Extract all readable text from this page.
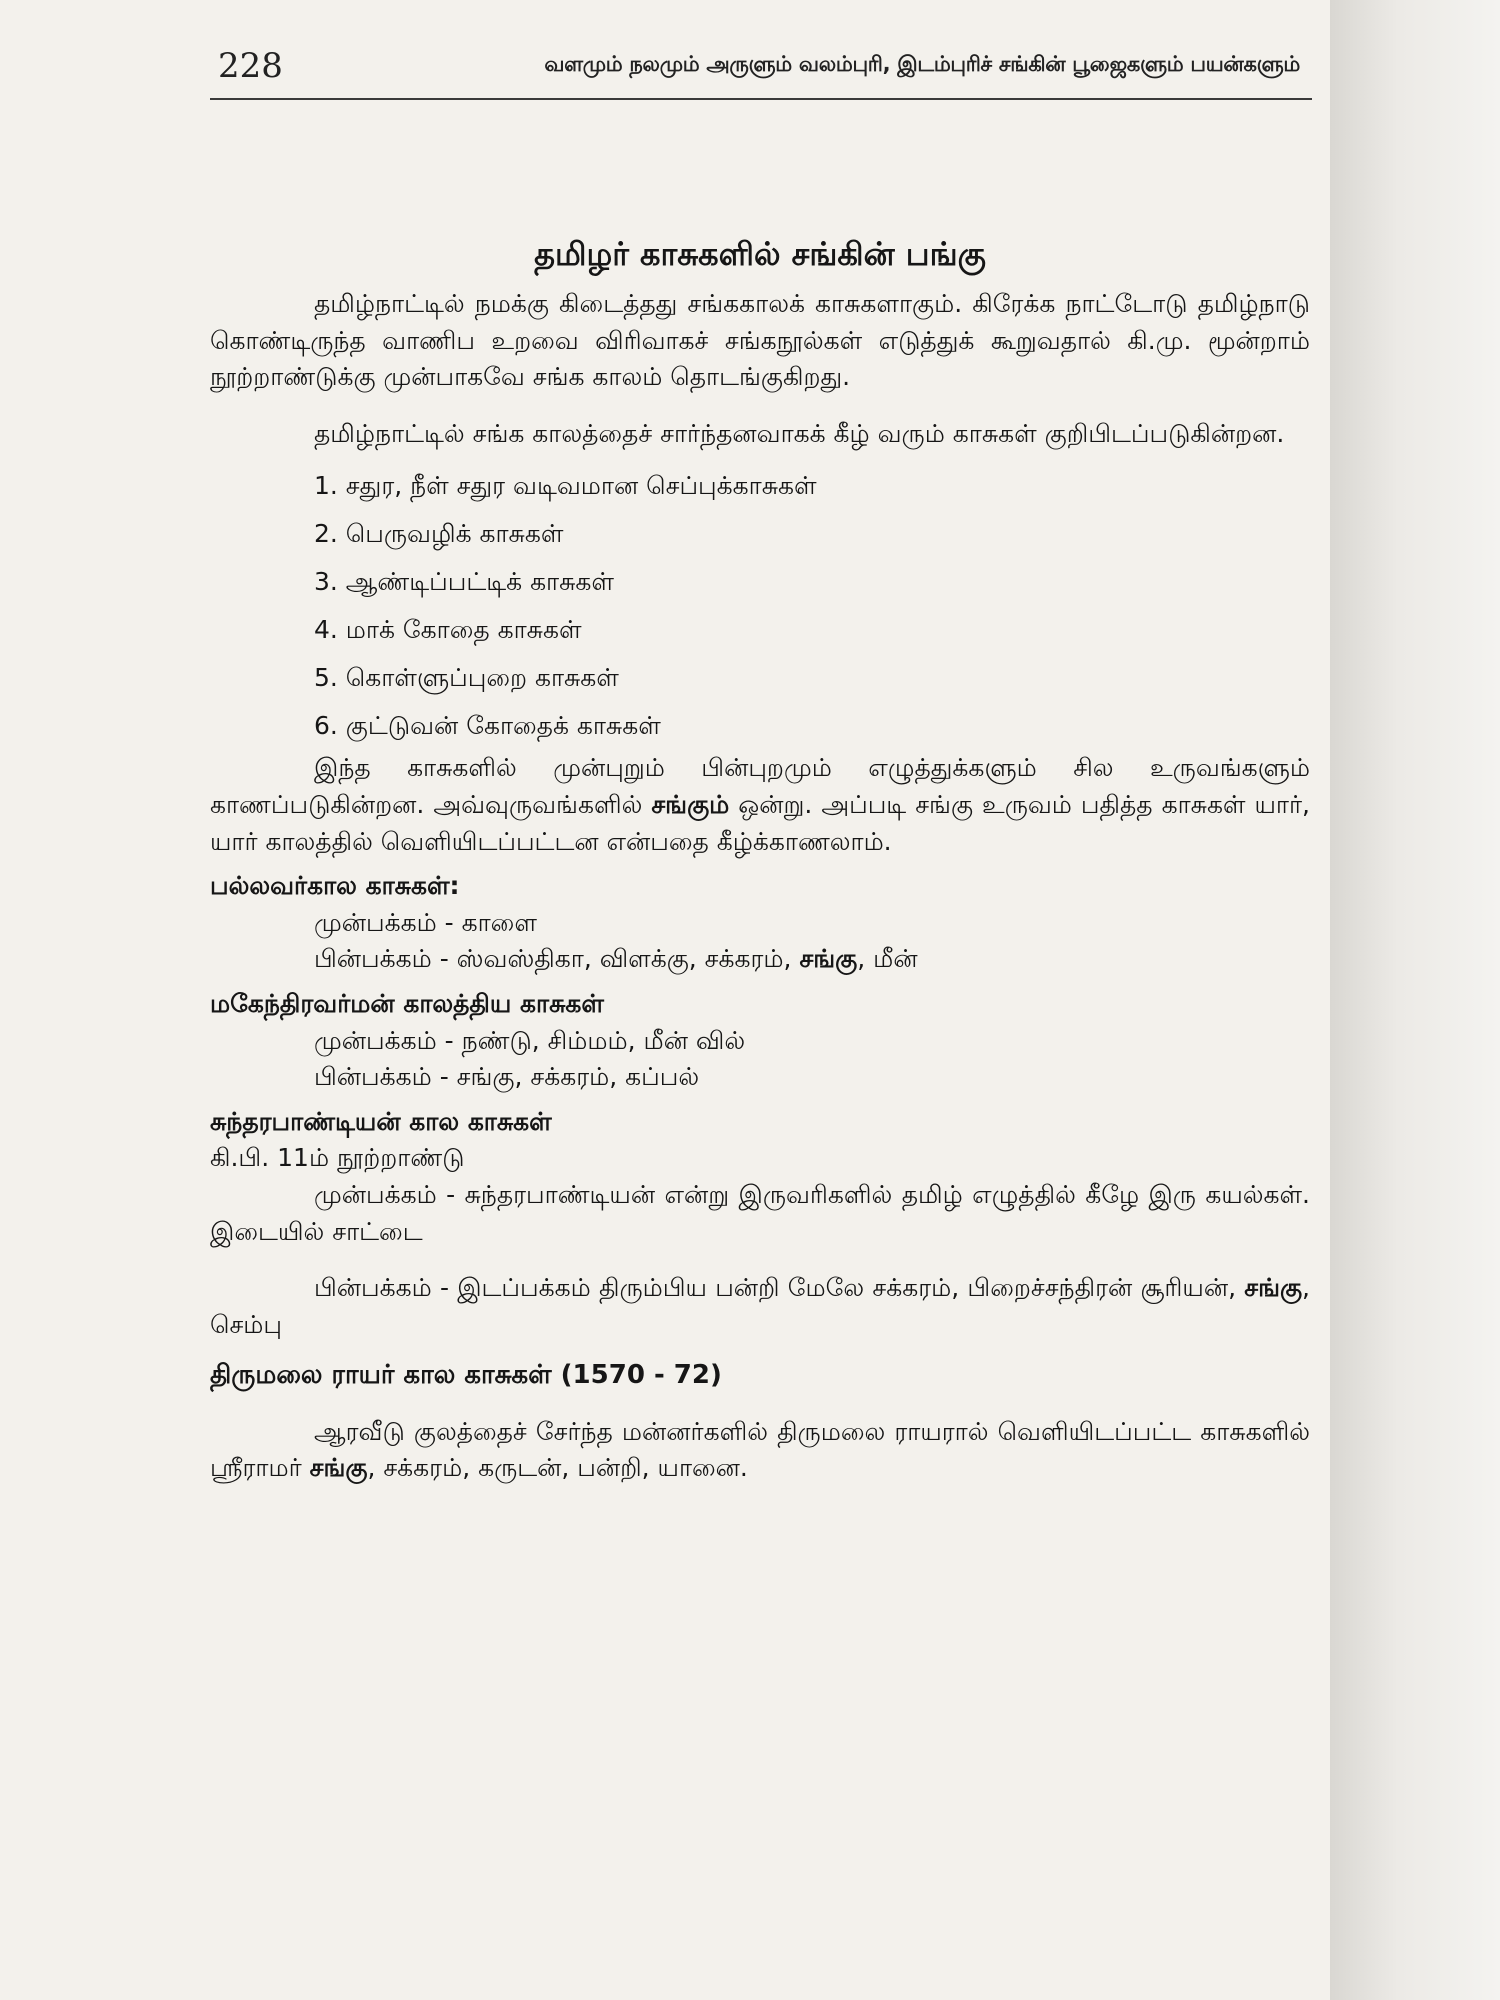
228	வளமும் நலமும் அருளும் வலம்புரி, இடம்புரிச் சங்கின் பூஜைகளும் பயன்களும்
தமிழர் காசுகளில் சங்கின் பங்கு

தமிழ்நாட்டில் நமக்கு கிடைத்தது சங்ககாலக் காசுகளாகும். கிரேக்க நாட்டோடு தமிழ்நாடு கொண்டிருந்த வாணிப உறவை விரிவாகச் சங்கநூல்கள் எடுத்துக் கூறுவதால் கி.மு. மூன்றாம் நூற்றாண்டுக்கு முன்பாகவே சங்க காலம் தொடங்குகிறது.

தமிழ்நாட்டில் சங்க காலத்தைச் சார்ந்தனவாகக் கீழ் வரும் காசுகள் குறிபிடப்படுகின்றன.

1. சதுர, நீள் சதுர வடிவமான செப்புக்காசுகள்
2. பெருவழிக் காசுகள்
3. ஆண்டிப்பட்டிக் காசுகள்
4. மாக் கோதை காசுகள்
5. கொள்ளுப்புறை காசுகள்
6. குட்டுவன் கோதைக் காசுகள்

இந்த காசுகளில் முன்புறும் பின்புறமும் எழுத்துக்களும் சில உருவங்களும் காணப்படுகின்றன. அவ்வுருவங்களில் சங்கும் ஒன்று. அப்படி சங்கு உருவம் பதித்த காசுகள் யார், யார் காலத்தில் வெளியிடப்பட்டன என்பதை கீழ்க்காணலாம்.

பல்லவர்கால காசுகள்:
முன்பக்கம் - காளை
பின்பக்கம் - ஸ்வஸ்திகா, விளக்கு, சக்கரம், சங்கு, மீன்
மகேந்திரவர்மன் காலத்திய காசுகள்
முன்பக்கம் - நண்டு, சிம்மம், மீன் வில்
பின்பக்கம் - சங்கு, சக்கரம், கப்பல்
சுந்தரபாண்டியன் கால காசுகள்
கி.பி. 11ம் நூற்றாண்டு

முன்பக்கம் - சுந்தரபாண்டியன் என்று இருவரிகளில் தமிழ் எழுத்தில் கீழே இரு கயல்கள். இடையில் சாட்டை

பின்பக்கம் - இடப்பக்கம் திரும்பிய பன்றி மேலே சக்கரம், பிறைச்சந்திரன் சூரியன், சங்கு, செம்பு

திருமலை ராயர் கால காசுகள் (1570 - 72)

ஆரவீடு குலத்தைச் சேர்ந்த மன்னர்களில் திருமலை ராயரால் வெளியிடப்பட்ட காசுகளில் ஸ்ரீராமர் சங்கு, சக்கரம், கருடன், பன்றி, யானை.
